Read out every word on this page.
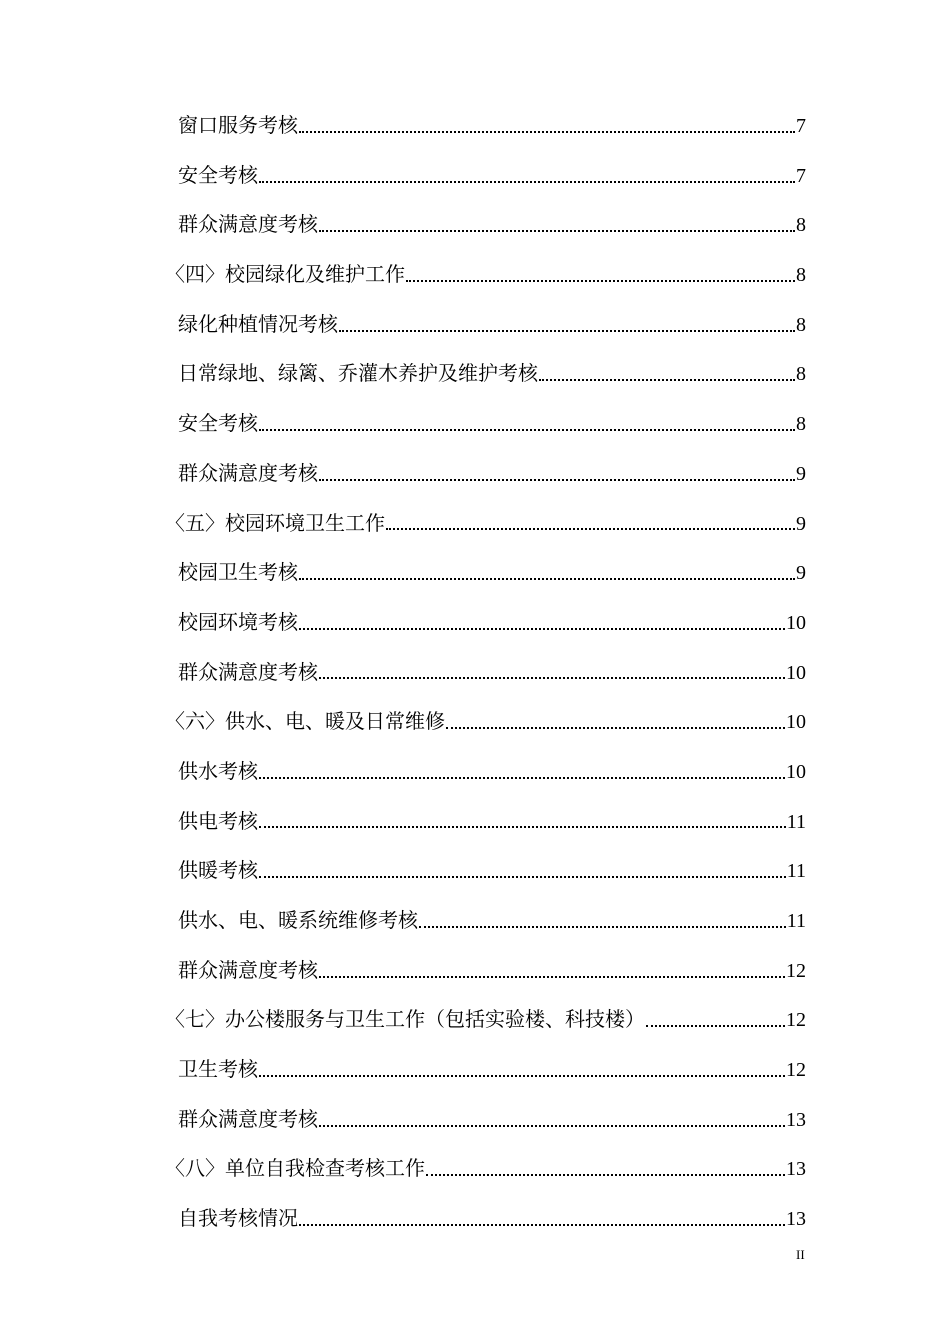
窗口服务考核	7
安全考核	7
群众满意度考核	8
〈四〉校园绿化及维护工作	8
绿化种植情况考核	8
日常绿地、绿篱、乔灌木养护及维护考核	8
安全考核	8
群众满意度考核	9
〈五〉校园环境卫生工作	9
校园卫生考核	9
校园环境考核	10
群众满意度考核	10
〈六〉供水、电、暖及日常维修	10
供水考核	10
供电考核	11
供暖考核	11
供水、电、暖系统维修考核	11
群众满意度考核	12
〈七〉办公楼服务与卫生工作（包括实验楼、科技楼）	12
卫生考核	12
群众满意度考核	13
〈八〉单位自我检查考核工作	13
自我考核情况	13
II
